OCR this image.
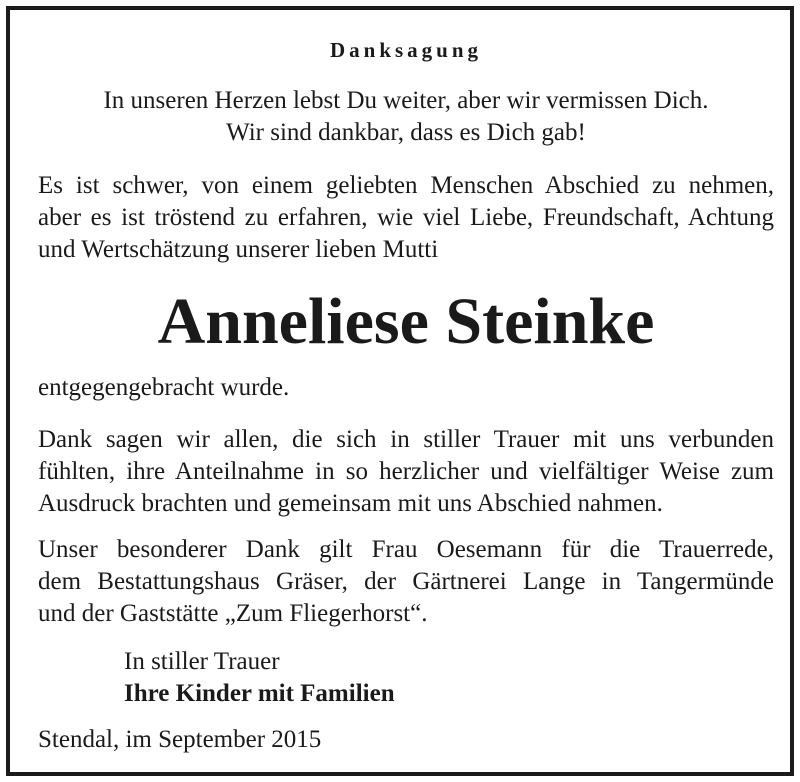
Danksagung
In unseren Herzen lebst Du weiter, aber wir vermissen Dich.
Wir sind dankbar, dass es Dich gab!
Es ist schwer, von einem geliebten Menschen Abschied zu nehmen,
aber es ist tröstend zu erfahren, wie viel Liebe, Freundschaft, Achtung
und Wertschätzung unserer lieben Mutti
Anneliese Steinke
entgegengebracht wurde.
Dank sagen wir allen, die sich in stiller Trauer mit uns verbunden
fühlten, ihre Anteilnahme in so herzlicher und vielfältiger Weise zum
Ausdruck brachten und gemeinsam mit uns Abschied nahmen.
Unser besonderer Dank gilt Frau Oesemann für die Trauerrede,
dem Bestattungshaus Gräser, der Gärtnerei Lange in Tangermünde
und der Gaststätte „Zum Fliegerhorst“.
In stiller Trauer
Ihre Kinder mit Familien
Stendal, im September 2015
